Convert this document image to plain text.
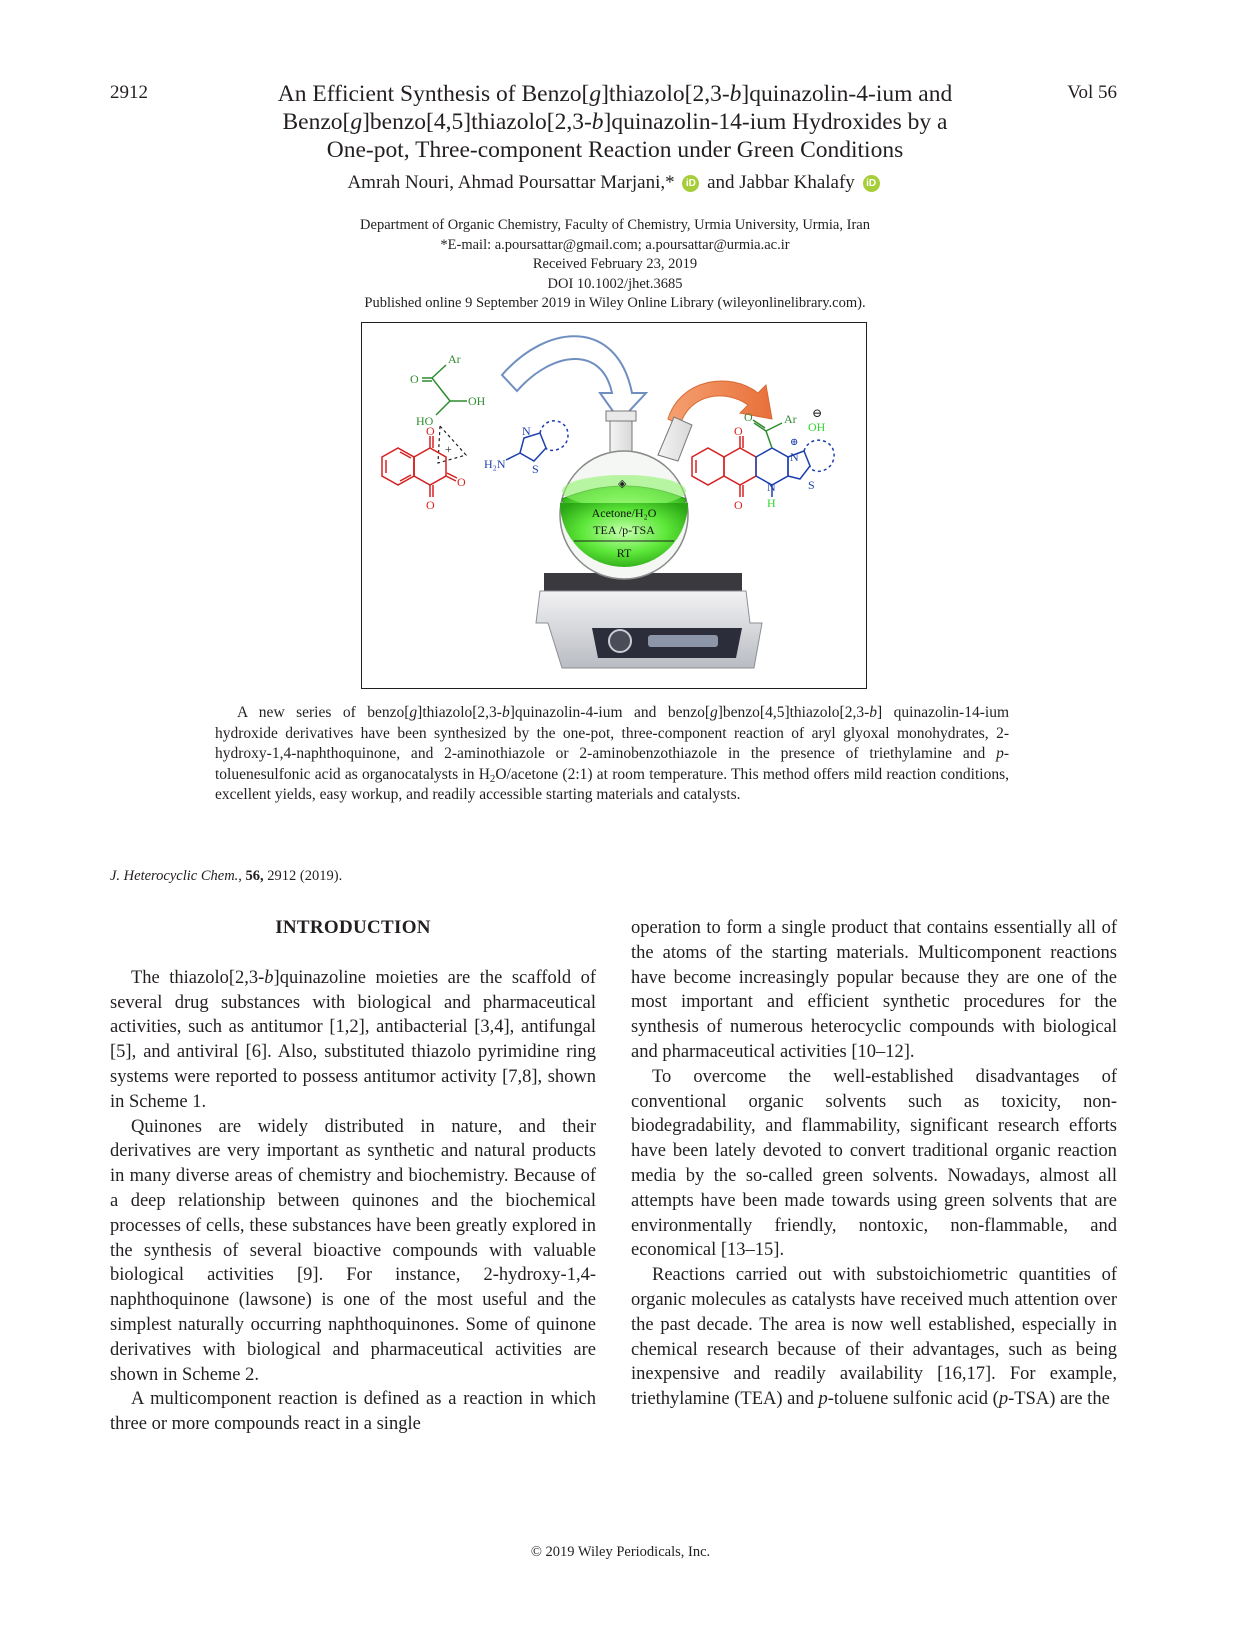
2912	Vol 56
An Efficient Synthesis of Benzo[g]thiazolo[2,3-b]quinazolin-4-ium and
Benzo[g]benzo[4,5]thiazolo[2,3-b]quinazolin-14-ium Hydroxides by a
One-pot, Three-component Reaction under Green Conditions
Amrah Nouri, Ahmad Poursattar Marjani,* iD and Jabbar Khalafy iD
Department of Organic Chemistry, Faculty of Chemistry, Urmia University, Urmia, Iran
*E-mail: a.poursattar@gmail.com; a.poursattar@urmia.ac.ir
Received February 23, 2019
DOI 10.1002/jhet.3685
Published online 9 September 2019 in Wiley Online Library (wileyonlinelibrary.com).
Ar
O
OH
HO
+
O
O
O
N
S
H₂N
◈
Acetone/H₂O
TEA /p-TSA
RT
O
O
O	Ar ⊖
OH
⊕
N
N
H
S

A new series of benzo[g]thiazolo[2,3-b]quinazolin-4-ium and benzo[g]benzo[4,5]thiazolo[2,3-b] quinazolin-14-ium hydroxide derivatives have been synthesized by the one-pot, three-component reaction of aryl glyoxal monohydrates, 2-hydroxy-1,4-naphthoquinone, and 2-aminothiazole or 2-aminobenzothiazole in the presence of triethylamine and p-toluenesulfonic acid as organocatalysts in $H_2O$/acetone (2:1) at room temperature. This method offers mild reaction conditions, excellent yields, easy workup, and readily accessible starting materials and catalysts.

J. Heterocyclic Chem., 56, 2912 (2019).
INTRODUCTION

The thiazolo[2,3-b]quinazoline moieties are the scaffold of several drug substances with biological and pharmaceutical activities, such as antitumor [1,2], antibacterial [3,4], antifungal [5], and antiviral [6]. Also, substituted thiazolo pyrimidine ring systems were reported to possess antitumor activity [7,8], shown in Scheme 1.

Quinones are widely distributed in nature, and their derivatives are very important as synthetic and natural products in many diverse areas of chemistry and biochemistry. Because of a deep relationship between quinones and the biochemical processes of cells, these substances have been greatly explored in the synthesis of several bioactive compounds with valuable biological activities [9]. For instance, 2-hydroxy-1,4-naphthoquinone (lawsone) is one of the most useful and the simplest naturally occurring naphthoquinones. Some of quinone derivatives with biological and pharmaceutical activities are shown in Scheme 2.

A multicomponent reaction is defined as a reaction in which three or more compounds react in a single

operation to form a single product that contains essentially all of the atoms of the starting materials. Multicomponent reactions have become increasingly popular because they are one of the most important and efficient synthetic procedures for the synthesis of numerous heterocyclic compounds with biological and pharmaceutical activities [10–12].

To overcome the well-established disadvantages of conventional organic solvents such as toxicity, non-biodegradability, and flammability, significant research efforts have been lately devoted to convert traditional organic reaction media by the so-called green solvents. Nowadays, almost all attempts have been made towards using green solvents that are environmentally friendly, nontoxic, non-flammable, and economical [13–15].

Reactions carried out with substoichiometric quantities of organic molecules as catalysts have received much attention over the past decade. The area is now well established, especially in chemical research because of their advantages, such as being inexpensive and readily availability [16,17]. For example, triethylamine (TEA) and p-toluene sulfonic acid (p-TSA) are the

© 2019 Wiley Periodicals, Inc.
